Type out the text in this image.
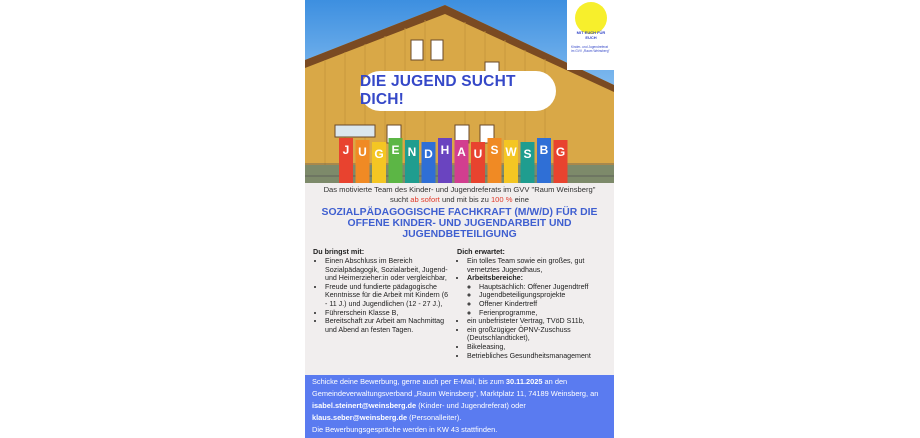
DIE JUGEND SUCHT DICH!
MIT EUCH FÜR EUCH
Kinder- und Jugendreferat
im GVV „Raum Weinsberg"
J U G E N D H A U S W S B G
Das motivierte Team des Kinder- und Jugendreferats im GVV "Raum Weinsberg"
sucht ab sofort und mit bis zu 100 % eine
SOZIALPÄDAGOGISCHE FACHKRAFT (M/W/D) FÜR DIE OFFENE KINDER- UND JUGENDARBEIT UND JUGENDBETEILIGUNG
Du bringst mit:
• Einen Abschluss im Bereich Sozialpädagogik, Sozialarbeit, Jugend- und Heimerzieher:in oder vergleichbar,
• Freude und fundierte pädagogische Kenntnisse für die Arbeit mit Kindern (6 - 11 J.) und Jugendlichen (12 - 27 J.),
• Führerschein Klasse B,
• Bereitschaft zur Arbeit am Nachmittag und Abend an festen Tagen.
Dich erwartet:
• Ein tolles Team sowie ein großes, gut vernetztes Jugendhaus,
• Arbeitsbereiche:
◦ Hauptsächlich: Offener Jugendtreff
◦ Jugendbeteiligungsprojekte
◦ Offener Kindertreff
◦ Ferienprogramme,
• ein unbefristeter Vertrag, TVöD S11b,
• ein großzügiger ÖPNV-Zuschuss (Deutschlandticket),
• Bikeleasing,
• Betriebliches Gesundheitsmanagement
Schicke deine Bewerbung, gerne auch per E-Mail, bis zum 30.11.2025 an den Gemeindeverwaltungsverband „Raum Weinsberg“, Marktplatz 11, 74189 Weinsberg, an isabel.steinert@weinsberg.de (Kinder- und Jugendreferat) oder klaus.seber@weinsberg.de (Personalleiter).
Die Bewerbungsgespräche werden in KW 43 stattfinden.
